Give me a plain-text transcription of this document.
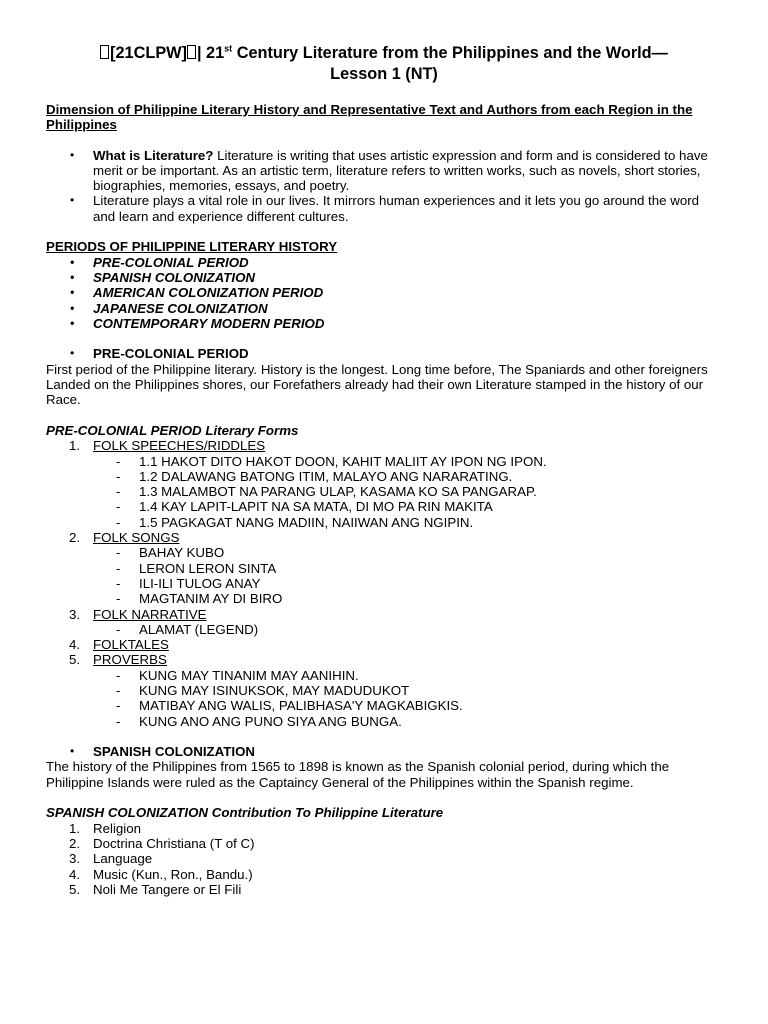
[21CLPW] | 21st Century Literature from the Philippines and the World—
Lesson 1 (NT)
Dimension of Philippine Literary History and Representative Text and Authors from each Region in the Philippines
• What is Literature? Literature is writing that uses artistic expression and form and is considered to have merit or be important. As an artistic term, literature refers to written works, such as novels, short stories, biographies, memories, essays, and poetry.
• Literature plays a vital role in our lives. It mirrors human experiences and it lets you go around the word and learn and experience different cultures.
PERIODS OF PHILIPPINE LITERARY HISTORY
• PRE-COLONIAL PERIOD
• SPANISH COLONIZATION
• AMERICAN COLONIZATION PERIOD
• JAPANESE COLONIZATION
• CONTEMPORARY MODERN PERIOD
• PRE-COLONIAL PERIOD

First period of the Philippine literary. History is the longest. Long time before, The Spaniards and other foreigners Landed on the Philippines shores, our Forefathers already had their own Literature stamped in the history of our Race.

PRE-COLONIAL PERIOD Literary Forms
1. FOLK SPEECHES/RIDDLES
- 1.1 HAKOT DITO HAKOT DOON, KAHIT MALIIT AY IPON NG IPON.
- 1.2 DALAWANG BATONG ITIM, MALAYO ANG NARARATING.
- 1.3 MALAMBOT NA PARANG ULAP, KASAMA KO SA PANGARAP.
- 1.4 KAY LAPIT-LAPIT NA SA MATA, DI MO PA RIN MAKITA
- 1.5 PAGKAGAT NANG MADIIN, NAIIWAN ANG NGIPIN.
2. FOLK SONGS
- BAHAY KUBO
- LERON LERON SINTA
- ILI-ILI TULOG ANAY
- MAGTANIM AY DI BIRO
3. FOLK NARRATIVE
- ALAMAT (LEGEND)
4. FOLKTALES
5. PROVERBS
- KUNG MAY TINANIM MAY AANIHIN.
- KUNG MAY ISINUKSOK, MAY MADUDUKOT
- MATIBAY ANG WALIS, PALIBHASA'Y MAGKABIGKIS.
- KUNG ANO ANG PUNO SIYA ANG BUNGA.
• SPANISH COLONIZATION

The history of the Philippines from 1565 to 1898 is known as the Spanish colonial period, during which the Philippine Islands were ruled as the Captaincy General of the Philippines within the Spanish regime.

SPANISH COLONIZATION Contribution To Philippine Literature
1. Religion
2. Doctrina Christiana (T of C)
3. Language
4. Music (Kun., Ron., Bandu.)
5. Noli Me Tangere or El Fili
